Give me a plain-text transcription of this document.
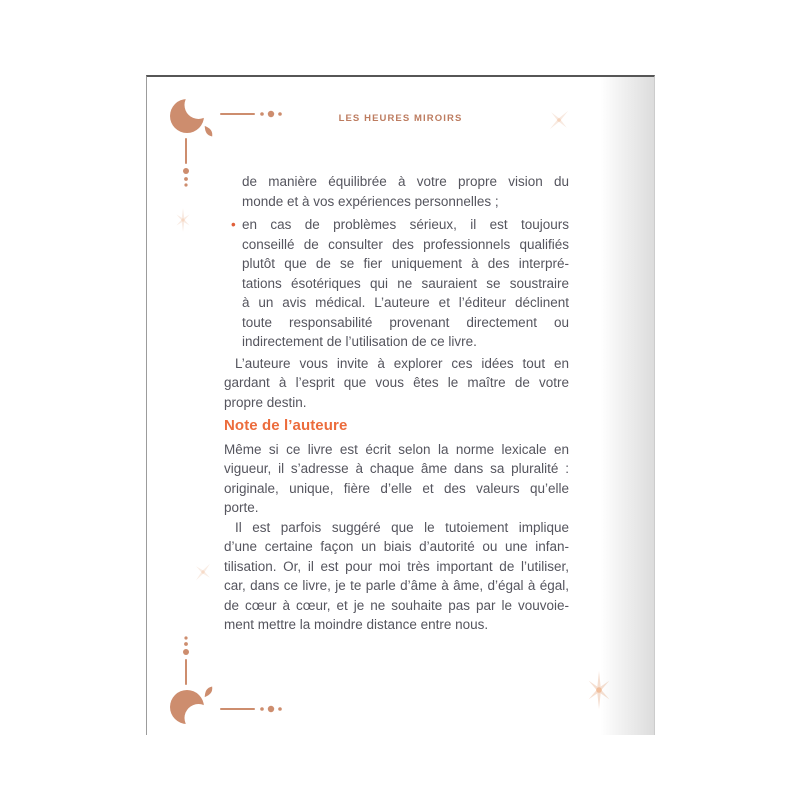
LES HEURES MIROIRS
de manière équilibrée à votre propre vision du
monde et à vos expériences personnelles ;
• en cas de problèmes sérieux, il est toujours
conseillé de consulter des professionnels qualifiés
plutôt que de se fier uniquement à des interpré-
tations ésotériques qui ne sauraient se soustraire
à un avis médical. L’auteure et l’éditeur déclinent
toute responsabilité provenant directement ou
indirectement de l’utilisation de ce livre.
L’auteure vous invite à explorer ces idées tout en
gardant à l’esprit que vous êtes le maître de votre
propre destin.
Note de l’auteure
Même si ce livre est écrit selon la norme lexicale en
vigueur, il s’adresse à chaque âme dans sa pluralité :
originale, unique, fière d’elle et des valeurs qu’elle
porte.
Il est parfois suggéré que le tutoiement implique
d’une certaine façon un biais d’autorité ou une infan-
tilisation. Or, il est pour moi très important de l’utiliser,
car, dans ce livre, je te parle d’âme à âme, d’égal à égal,
de cœur à cœur, et je ne souhaite pas par le vouvoie-
ment mettre la moindre distance entre nous.
